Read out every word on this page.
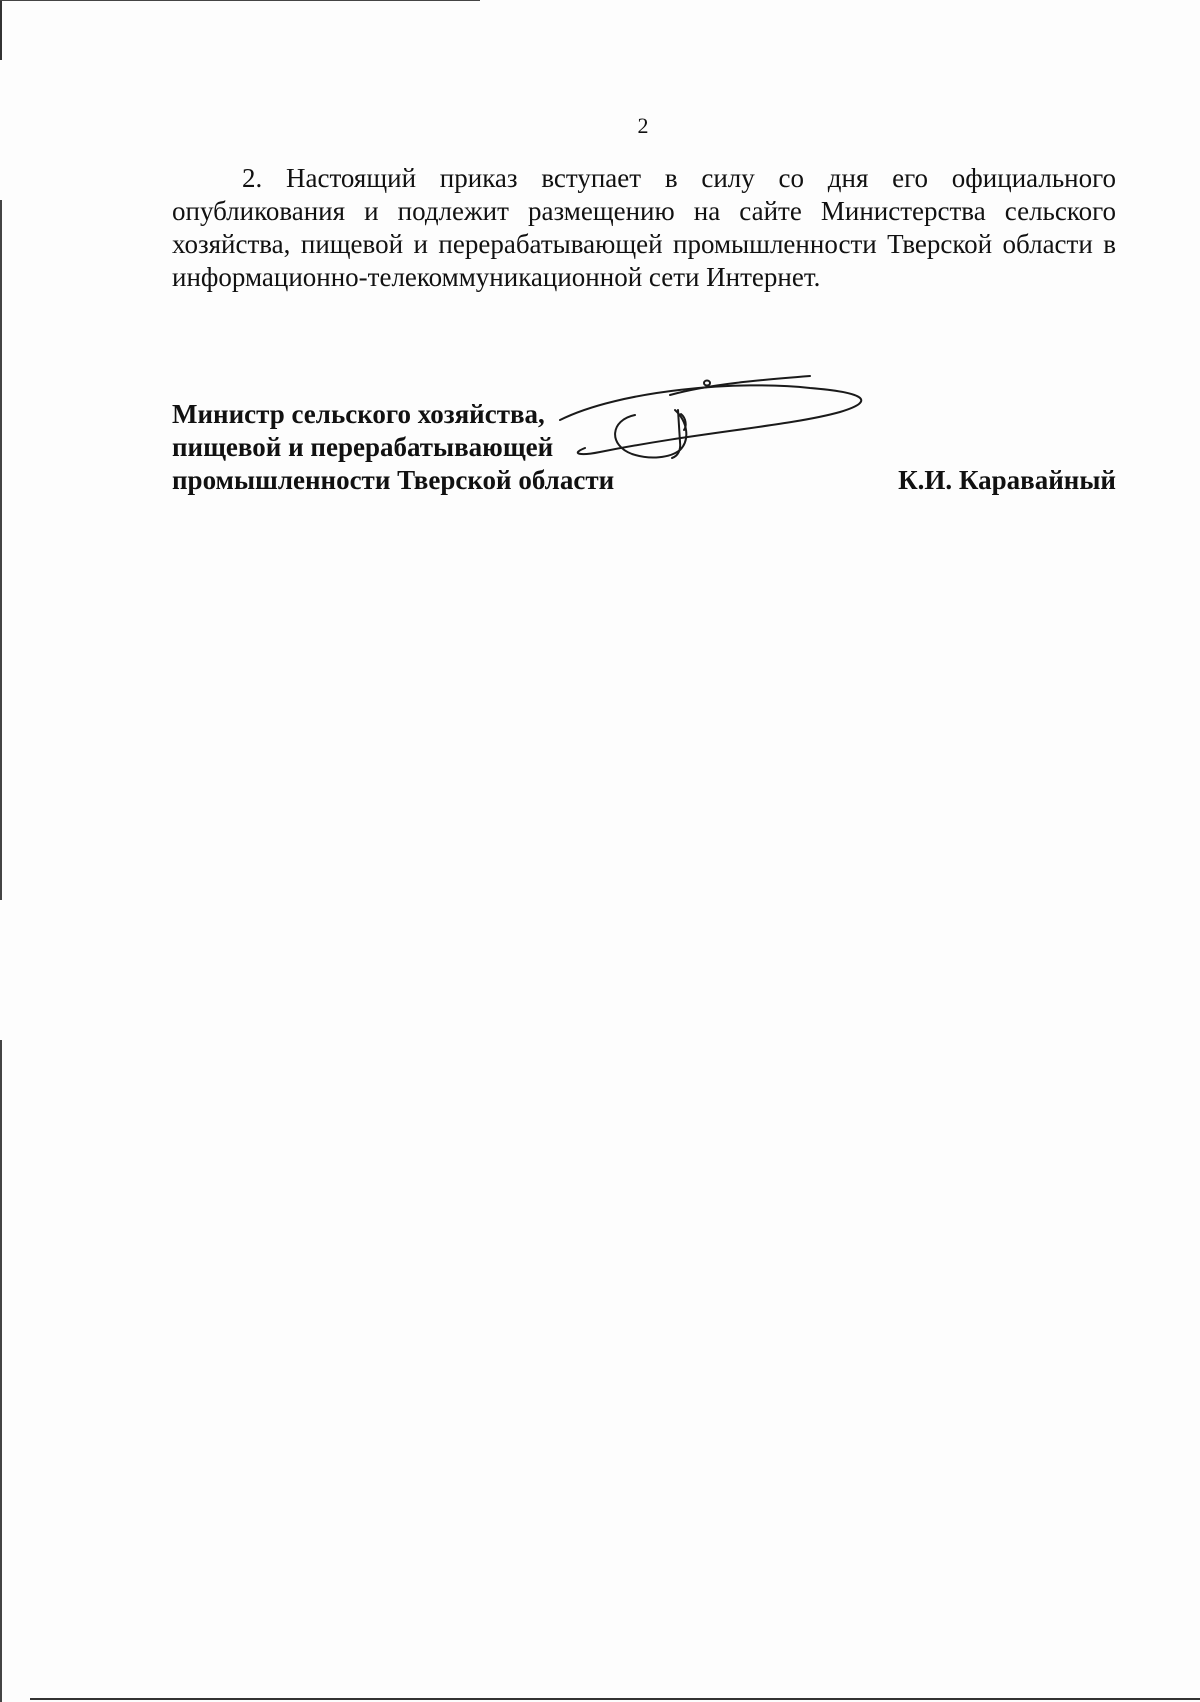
2

2. Настоящий приказ вступает в силу со дня его официального опубликования и подлежит размещению на сайте Министерства сельского хозяйства, пищевой и перерабатывающей промышленности Тверской области в информационно-телекоммуникационной сети Интернет.

Министр сельского хозяйства,
пищевой и перерабатывающей
промышленности Тверской области	К.И. Каравайный
